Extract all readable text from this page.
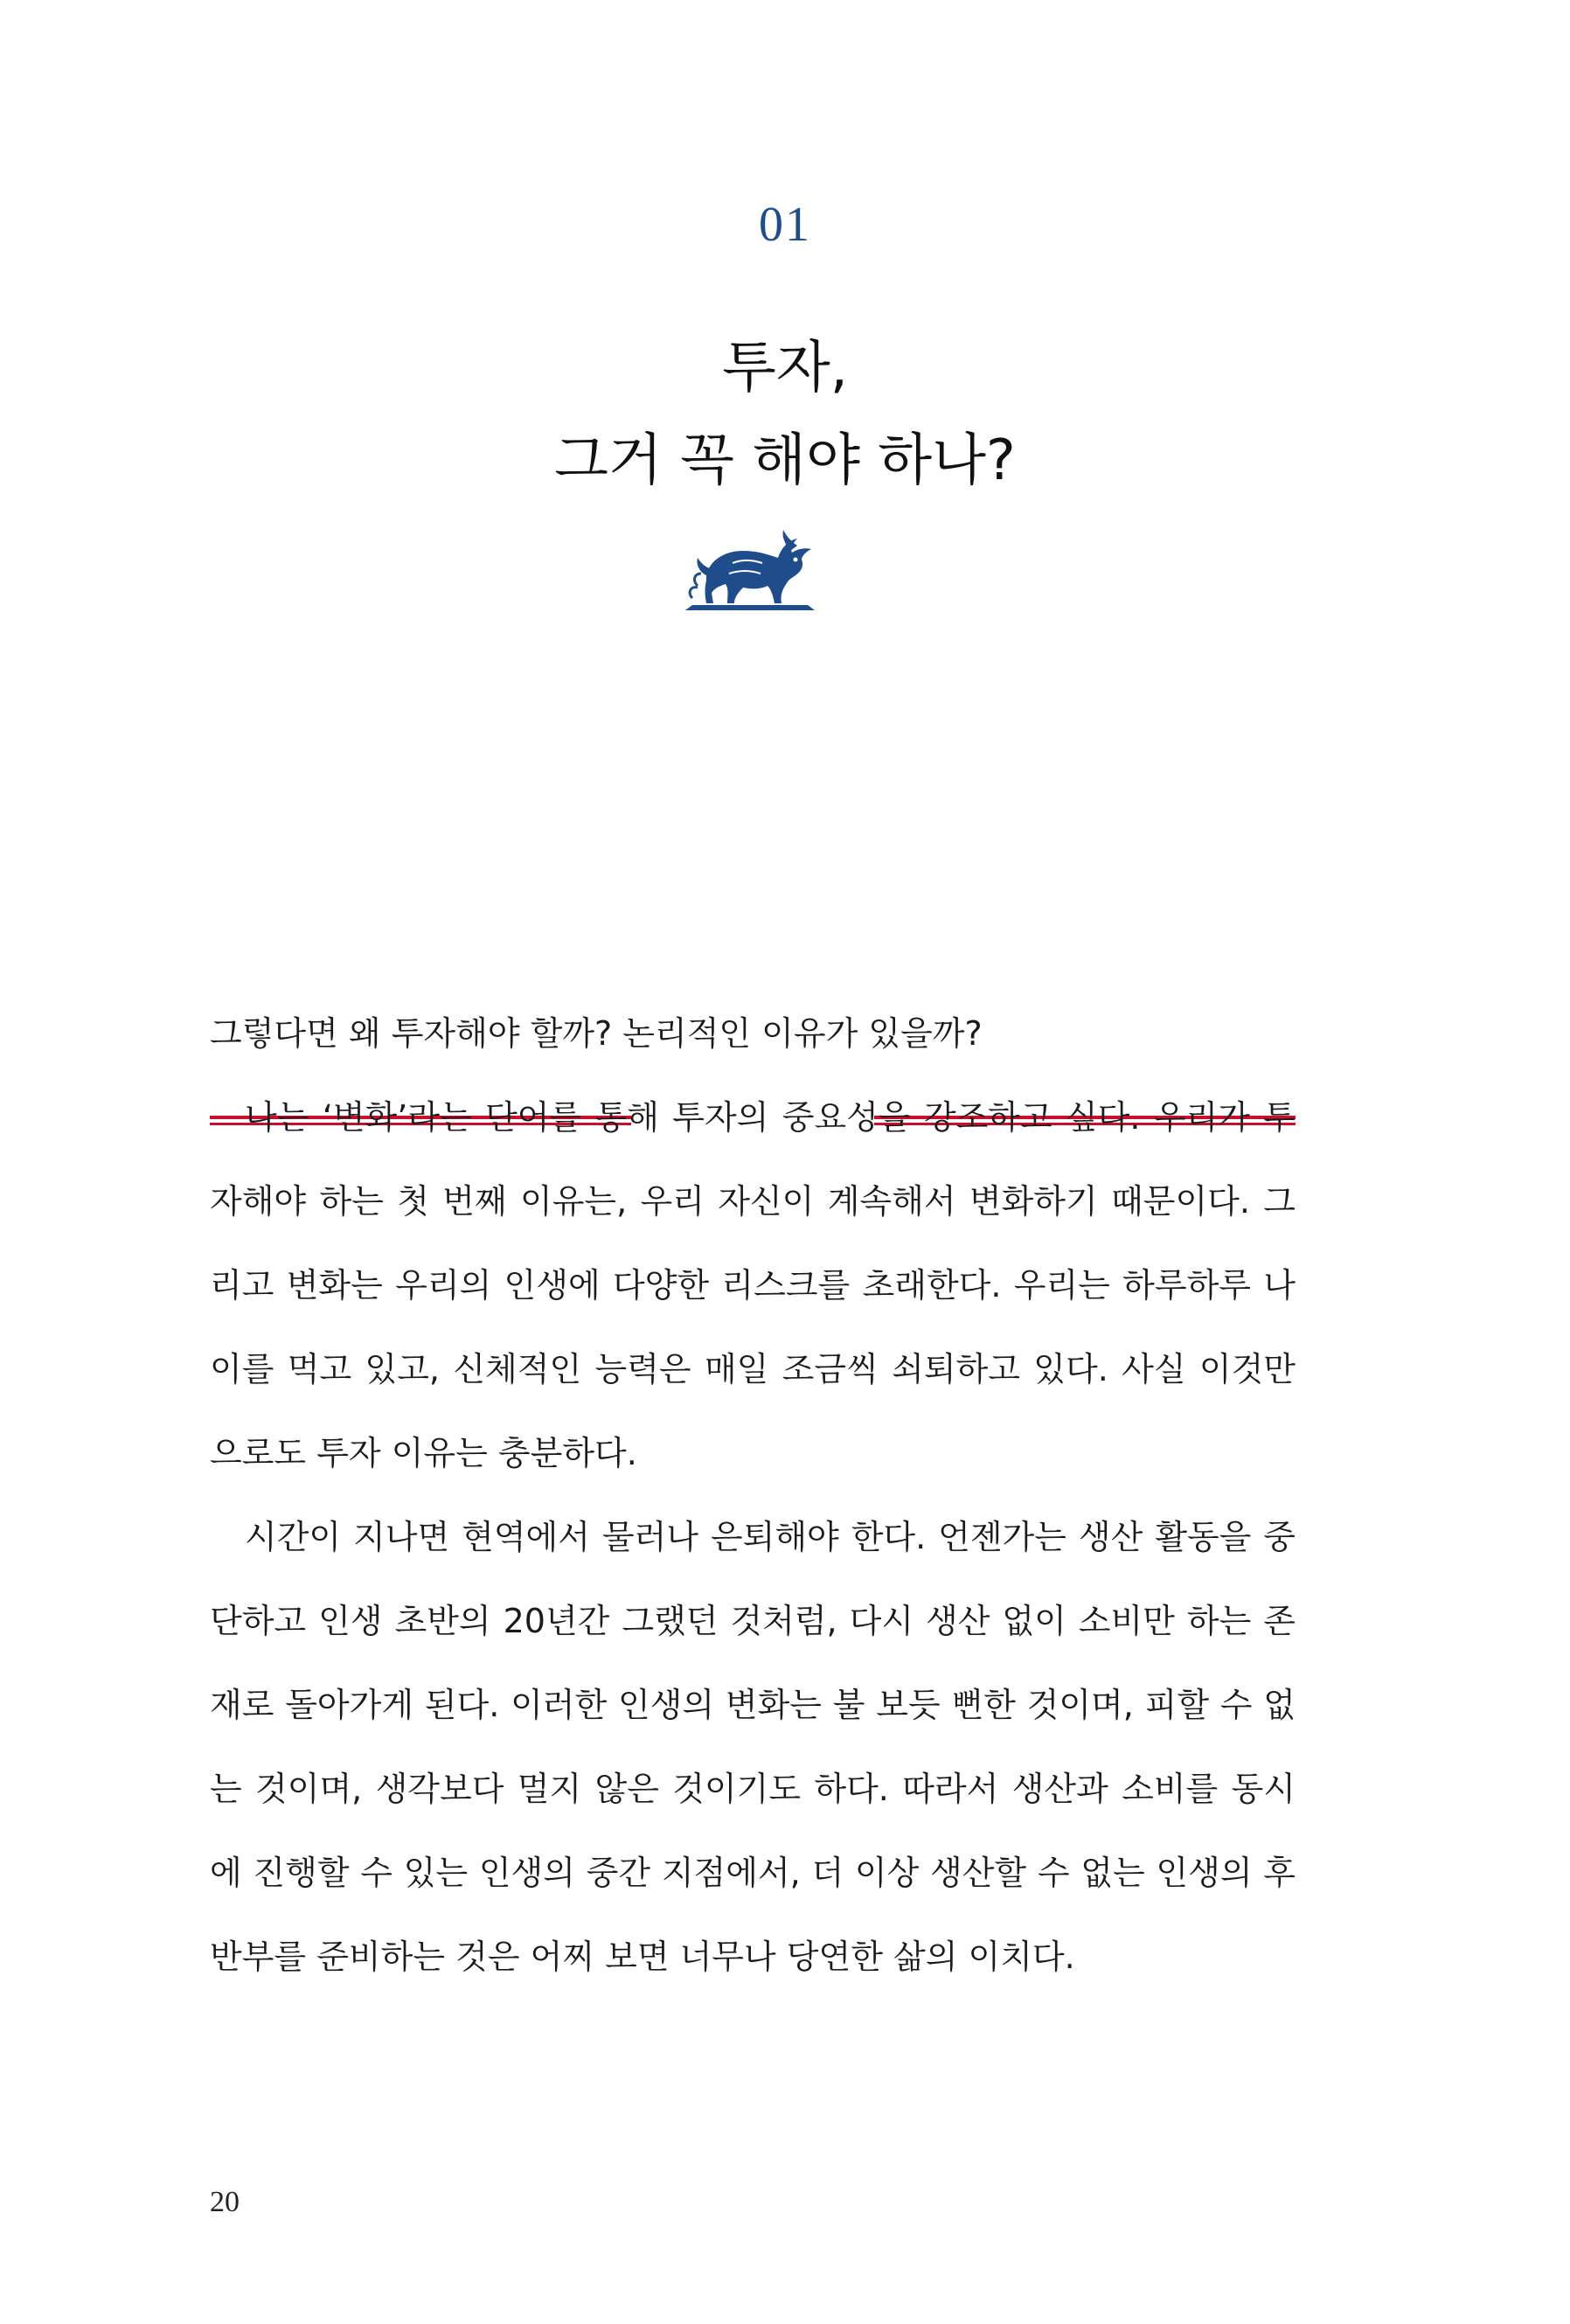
01
투자,
그거 꼭 해야 하나?

그렇다면 왜 투자해야 할까? 논리적인 이유가 있을까?

나는 ‘변화’라는 단어를 통해 투자의 중요성을 강조하고 싶다. 우리가 투자해야 하는 첫 번째 이유는, 우리 자신이 계속해서 변화하기 때문이다. 그리고 변화는 우리의 인생에 다양한 리스크를 초래한다. 우리는 하루하루 나이를 먹고 있고, 신체적인 능력은 매일 조금씩 쇠퇴하고 있다. 사실 이것만으로도 투자 이유는 충분하다.

시간이 지나면 현역에서 물러나 은퇴해야 한다. 언젠가는 생산 활동을 중단하고 인생 초반의 20년간 그랬던 것처럼, 다시 생산 없이 소비만 하는 존재로 돌아가게 된다. 이러한 인생의 변화는 불 보듯 뻔한 것이며, 피할 수 없는 것이며, 생각보다 멀지 않은 것이기도 하다. 따라서 생산과 소비를 동시에 진행할 수 있는 인생의 중간 지점에서, 더 이상 생산할 수 없는 인생의 후반부를 준비하는 것은 어찌 보면 너무나 당연한 삶의 이치다.

20
